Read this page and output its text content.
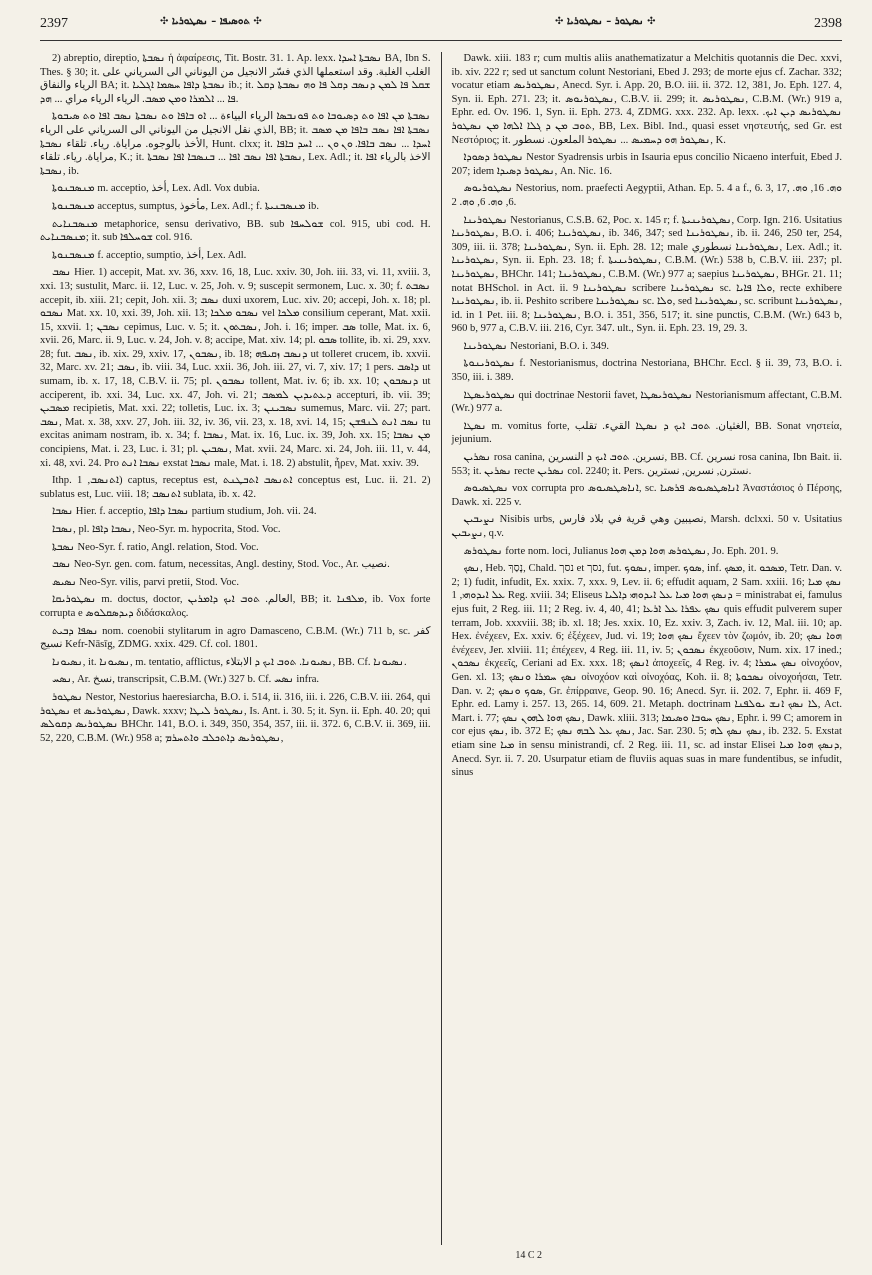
2397	✣ ܬܘܣܝܦܐ – ܢܣܛܘܪܝܐ ✣	✣ ܢܣܛܘܪ – ܢܣܛܘܪܝܐ ✣	2398

2) abreptio, direptio, ܢܣܒܬܐ ἡ ἀφαίρεσις, Tit. Bostr. 31. 1. Ap. lexx. ܢܣܒܬܐ ܐܚܕܐ BA, Ibn S. Thes. § 30; it. الغلب الغلبة. وقد استعملها الذي فسّر الانجيل من اليوناني الى السرياني على الرياء والنفاق BA; it. ܢܣܒܬܐ ܕܐܦܐ ܚܣܡܐ ܐܓܠܝܐ ib.; it. ܫܩܠ ܦܐ ܠܡܢ ܕܢܣܒ ܕܩܠ ܦܐ ܘܗ ܢܣܒܬܐ ܕܩܠ ܦܐ ... ܐܠܡܪܐ ܘܡܢ ܡܣܒ. الرياء الرياء مراي ... ܗܕ.

ܢܣܒܬܐ ܡܢ ܐܦܐ ܘܬ ܕܣܝܘܒܐ ܘܬ ܦܘܢܒܣܐ الرياء البياءة ... ܐܘ ܒܐܦܐ ܘܬ ܢܣܒܬܐ ܢܣܒ ܐܦܐ ܘܬ ܣܝܒܘܬܐ الذي نقل الانجيل من اليوناني الى السرياني على الرياء, BB; it. ܢܣܒܬܐ ܐܦܐ ܢܣܒ ܒܐܦܐ ܡܢ ܡܣܒ الأخذ بالوجوه. مراياة. رياء. تلقاء ܢܣܒܬܐ, Hunt. clxx; it. ܐܚܕܐ ... ܢܣܒ ܒܐܦܐ. ܘܢ ܘܢ ... ܐܚܕ ܒܐܦܐ مراياة. رياء. تلقاء, K.; it. ܢܣܒܬܐ ܐܦܐ ܢܣܒ ܐܦܐ ... ܒܢܣܒܐ ܐܦܐ ܢܣܒܬܐ, Lex. Adl.; it. الاخذ بالرياء ܐܦܐ ܢܣܒܬܐ, ib.

ܡܢܣܒܢܘܬܐ m. acceptio, أخذ, Lex. Adl. Vox dubia.

ܡܢܣܒܢܘܬܐ acceptus, sumptus, مأخوذ, Lex. Adl.; f. ܡܢܣܒܢܝܬܐ ib.

ܡܢܣܒܢܐܝܬ metaphorice, sensu derivativo, BB. sub ܫܘܠܚܦܐ col. 915, ubi cod. H. ܡܢܣܒܢܐܝܬ; it. sub ܫܘܚܠܦܐ col. 916.

ܡܢܣܒܢܘܬܐ f. acceptio, sumptio, أخذ, Lex. Adl.

ܢܣܒ Hier. 1) accepit, Mat. xv. 36, xxv. 16, 18, Luc. xxiv. 30, Joh. iii. 33, vi. 11, xviii. 3, xxi. 13; sustulit, Marc. ii. 12, Luc. v. 25, Joh. v. 9; suscepit sermonem, Luc. x. 30; f. ܢܣܒܬ accepit, ib. xiii. 21; cepit, Joh. xii. 3; ܢܣܒ duxi uxorem, Luc. xiv. 20; accepi, Joh. x. 18; pl. ܢܣܒܘ Mat. xx. 10, xxi. 39, Joh. xii. 13; ܢܣܒܘ ܡܠܟܐ vel ܡܠܟܐ consilium ceperant, Mat. xxii. 15, xxvii. 1; ܢܣܒܢ cepimus, Luc. v. 5; it. ܢܣܒܬܘܢ, Joh. i. 16; imper. ܣܒ tolle, Mat. ix. 6, xvii. 26, Marc. ii. 9, Luc. v. 24, Joh. v. 8; accipe, Mat. xiv. 14; pl. ܣܒܘ tollite, ib. xi. 29, xxv. 28; fut. ܢܣܒ, ib. xix. 29, xxiv. 17, ܢܣܒܘܢ, ib. 18; ܕܢܣܒ ܙܩܝܦܗ ut tolleret crucem, ib. xxvii. 32, Marc. xv. 21; ܢܣܒ, ib. viii. 34, Luc. xxii. 36, Joh. iii. 27, vi. 7, xiv. 17; 1 pers. ܕܐܣܒ ut sumam, ib. x. 17, 18, C.B.V. ii. 75; pl. ܢܣܒܘܢ tollent, Mat. iv. 6; ib. xx. 10; ܕܢܣܒܘܢ ut acciperent, ib. xxi. 34, Luc. xx. 47, Joh. vi. 21; ܕܥܬܝܕܝܢ ܠܡܣܒ accepturi, ib. vii. 39; ܡܣܒܝܢ recipietis, Mat. xxi. 22; tolletis, Luc. ix. 3; ܢܣܒܝܢܢ sumemus, Marc. vii. 27; part. ܢܣܒ, Mat. x. 38, xxv. 27, Joh. iii. 32, iv. 36, vii. 23, x. 18, xvi. 14, 15; ܢܣܒ ܐܢܬ ܠܢܦܫܢ tu excitas animam nostram, ib. x. 34; f. ܢܣܒܐ, Mat. ix. 16, Luc. ix. 39, Joh. xx. 15; ܡܢ ܢܣܒܐ concipiens, Mat. i. 23, Luc. i. 31; pl. ܢܣܒܝܢ, Mat. xvii. 24, Marc. xi. 24, Joh. iii. 11, v. 44, xi. 48, xvi. 24. Pro ܢܣܒܐ ܐܢܬ exstat ܢܣܒܐ male, Mat. i. 18. 2) abstulit, ἦρεν, Mat. xxiv. 39.

Ithp. ܐܬܢܣܒ, 1) captus, receptus est, ܐܬܢܣܒ ܐܬܒܛܢܬ conceptus est, Luc. ii. 21. 2) sublatus est, Luc. viii. 18; ܐܬܢܣܒ sublata, ib. x. 42.

ܢܣܒܐ Hier. f. acceptio, ܢܣܒܐ ܕܐܦܐ partium studium, Joh. vii. 24.

ܢܣܒܐ, pl. ܢܣܒܐ ܕܐܦܐ, Neo-Syr. m. hypocrita, Stod. Voc.

ܢܣܒܬܐ Neo-Syr. f. ratio, Angl. relation, Stod. Voc.

ܢܣܒ Neo-Syr. gen. com. fatum, necessitas, Angl. destiny, Stod. Voc., Ar. نصيب.

ܢܣܝܣ Neo-Syr. vilis, parvi pretii, Stod. Voc.

ܢܣܛܘܪܝܩܐ m. doctus, doctor, العالم. ܬܘܒ ܐܝܟ ܕܐܡܪܝܢ, BB; it. ܡܠܦܢܐ, ib. Vox forte corrupta e ܕܝܕܣܩܠܘܣ διδάσκαλος.

ܢܣܦܐ ܕܒܝܬ nom. coenobii stylitarum in agro Damasceno, C.B.M. (Wr.) 711 b, sc. كفر نسيج Kefr-Nāsīg, ZDMG. xxix. 429. Cf. col. 1801.

ܢܣܝܘܢܐ, it. ܢܣܝܘܢܐ, m. tentatio, afflictus, ܢܣܝܘܢܐ. ܬܘܒ ܐܝܟ ܕ الابتلاء, BB. Cf. ܢܣܝܘܢܐ.

ܢܣܚ, Ar. نسخ, transcripsit, C.B.M. (Wr.) 327 b. Cf. ܢܣܚ infra.

ܢܣܛܘܪ Nestor, Nestorius haeresiarcha, B.O. i. 514, ii. 316, iii. i. 226, C.B.V. iii. 264, qui ܢܣܛܘܪ et ܢܣܛܘܪܝܣ, Dawk. xxxv; ܢܣܛܘܪ ܠܝܛܐ, Is. Ant. i. 30. 5; it. Syn. ii. Eph. 40. 20; qui ܢܣܛܘܪܝܣ ܕܩܘܠܣ BHChr. 141, B.O. i. 349, 350, 354, 357, iii. ii. 372. 6, C.B.V. ii. 369, iii. 52, 220, C.B.M. (Wr.) 958 a; ܢܣܛܘܪܝܣ ܕܐܬܟܠܒ ܘܐܬܚܪܡ,

Dawk. xiii. 183 r; cum multis aliis anathematizatur a Melchitis quotannis die Dec. xxvi, ib. xiv. 222 r; sed ut sanctum colunt Nestoriani, Ebed J. 293; de morte ejus cf. Zachar. 332; vocatur etiam ܢܣܛܘܪܝܣ, Anecd. Syr. i. App. 20, B.O. iii. ii. 372. 12, 381, Jo. Eph. 127. 4, Syn. ii. Eph. 271. 23; it. ܢܣܛܘܪܝܘܣ, C.B.V. ii. 299; it. ܢܣܛܘܪܝܣ, C.B.M. (Wr.) 919 a, Ephr. ed. Ov. 196. 1, Syn. ii. Eph. 273. 4, ZDMG. xxx. 232. Ap. lexx. ܢܣܛܘܪܝܣ ܕܝܢ ܐܝܟ. ܬܘܒ ܡܢ ܕ ܓܠܐ ܐܠܗܐ ܡܢ ܢܣܛܘܪ, BB, Lex. Bibl. Ind., quasi esset νηστευτής, sed Gr. est Νεστόριος; it. ܢܣܛܘܪ ܗܘ ܕܚܡܝܣ ... ܢܣܛܘܪ الملعون. نسطور, K.

ܢܣܛܘܪ ܕܣܘܕܐ Nestor Syadrensis urbis in Isauria epus concilio Nicaeno interfuit, Ebed J. 207; idem ܢܣܛܘܪ ܕܣܝܕܐ, An. Nic. 16.

ܢܣܛܘܪܝܘܣ Nestorius, nom. praefecti Aegyptii, Athan. Ep. 5. 4 a f., 6. 3, 17, ܘܗ. 16, ܘܗ. 6, ܘܗ. 6, ܘܗ. 2.

ܢܣܛܘܪܝܢܐ Nestorianus, C.S.B. 62, Poc. x. 145 r; f. ܢܣܛܘܪܝܢܝܬܐ, Corp. Ign. 216. Usitatius ܢܣܛܘܪܝܢܐ, B.O. i. 406; ܢܣܛܘܪܝܢܐ, ib. 346, 347; sed ܢܣܛܘܪܝܢܐ, ib. ii. 246, 250 ter, 254, 309, iii. ii. 378; ܢܣܛܘܪܝܢܐ, Syn. ii. Eph. 28. 12; male ܢܣܛܘܪܝܢܐ نسطوري, Lex. Adl.; it. ܢܣܛܘܪܝܢܐ, Syn. ii. Eph. 23. 18; f. ܢܣܛܘܪܝܢܝܬܐ, C.B.M. (Wr.) 538 b, C.B.V. iii. 237; pl. ܢܣܛܘܪܝܢܐ, BHChr. 141; ܢܣܛܘܪܝܢܐ, C.B.M. (Wr.) 977 a; saepius ܢܣܛܘܪܝܢܐ, BHGr. 21. 11; notat BHSchol. in Act. ii. 9 ܢܣܛܘܪܝܢܐ scribere ܢܣܛܘܪܝܢܐ sc. ܘܠܐ ܦܐܝܐ, recte exhibere ܢܣܛܘܪܝܢܐ, ib. ii. Peshito scribere ܢܣܛܘܪܝܢܐ sc. ܘܠܐ, sed ܢܣܛܘܪܝܢܐ, sc. scribunt ܢܣܛܘܪܝܢܐ, id. in 1 Pet. iii. 8; ܢܣܛܘܪܝܢܐ, B.O. i. 351, 356, 517; it. sine punctis, C.B.M. (Wr.) 643 b, 960 b, 977 a, C.B.V. iii. 216, Cyr. 347. ult., Syn. ii. Eph. 23. 19, 29. 3.

ܢܣܛܘܪܝܢܐ Nestoriani, B.O. i. 349.

ܢܣܛܘܪܝܢܘܬܐ f. Nestorianismus, doctrina Nestoriana, BHChr. Eccl. § ii. 39, 73, B.O. i. 350, iii. i. 389.

ܢܣܛܘܪܝܣܛܐ qui doctrinae Nestorii favet, ܢܣܛܘܪܝܣܛܐ Nestorianismum affectant, C.B.M. (Wr.) 977 a.

ܢܣܛܐ m. vomitus forte, الغثيان. ܬܘܒ ܐܝܟ ܕ ܢܣܛܐ القيء. تقلب, BB. Sonat νηστεία, jejunium.

ܢܣܪܝܢ rosa canina, نسرين. ܬܘܒ ܐܝܟ ܕ النسرين, BB. Cf. نسرين rosa canina, Ibn Bait. ii. 553; it. ܢܣܪܝܢ recte ܢܣܪܝܢ col. 2240; it. Pers. نسترن, نسرين, نسترين.

ܢܣܛܣܝܘܣ vox corrupta pro ܐܢܐܣܛܣܝܘܣ, sc. ܐܢܐܣܛܣܝܘܣ ܦܪܣܝܐ Ἀναστάσιος ὁ Πέρσης, Dawk. xi. 225 v.

ܢܨܝܒܝܢ Nisibis urbs, نصيبين وهي قرية في بلاد فارس, Marsh. dclxxi. 50 v. Usitatius ܢܨܝܒܝܢ, q.v.

ܢܣܛܘܪܣ forte nom. loci, Julianus ܢܣܛܘܪܣ ܗܘܐ ܕܡܢ ܗܘܐ, Jo. Eph. 201. 9.

ܢܣܟ, Heb. נָסַךְ, Chald. נסך et נסך, fut. ܢܣܘܟ, imper. ܣܘܟ, inf. ܡܣܟ, it. ܡܣܟܘ, Tetr. Dan. v. 2; 1) fudit, infudit, Ex. xxix. 7, xxx. 9, Lev. ii. 6; effudit aquam, 2 Sam. xxiii. 16; ܢܣܟ ܡܝܐ ܥܠ ܐܝܕܘܗܝ, 1 Reg. xviii. 34; Eliseus ܕܢܣܟ ܗܘܐ ܡܝܐ ܥܠ ܐܝܕܘܗܝ ܕܐܠܝܐ = ministrabat ei, famulus ejus fuit, 2 Reg. iii. 11; 2 Reg. iv. 4, 40, 41; ܢܣܟ ܥܦܪܐ ܥܠ ܐܪܥܐ quis effudit pulverem super terram, Job. xxxviii. 38; ib. xl. 18; Jes. xxix. 10, Ez. xxiv. 3, Zach. iv. 12, Mal. iii. 10; ap. Hex. ἐνέχεεν, Ex. xxiv. 6; ἐξέχεεν, Jud. vi. 19; ܢܣܟ ܗܘܐ ἔχεεν τὸν ζωμόν, ib. 20; ܗܘܐ ܢܣܟ ἐνέχεεν, Jer. xlviii. 11; ἐπέχεεν, 4 Reg. iii. 11, iv. 5; ܢܣܟܘܢ ἐκχεοῦσιν, Num. xix. 17 ined.; ܢܣܟܘܢ ἐκχεεῖς, Ceriani ad Ex. xxx. 18; ܐܢܣܟ ἀποχεεῖς, 4 Reg. iv. 4; ܢܣܟ ܚܡܪܐ οἰνοχόον, Gen. xl. 13; ܢܣܟ ܚܡܪܐ ܘܢܣܟ οἰνοχόον καὶ οἰνοχόας, Koh. ii. 8; ܢܣܟܘܬܐ οἰνοχοήσαι, Tetr. Dan. v. 2; ܣܘܟ ܘܢܣܟ, Gr. ἐπίρραινε, Geop. 90. 16; Anecd. Syr. ii. 202. 7, Ephr. ii. 469 F, Ephr. ed. Lamy i. 257. 13, 265. 14, 609. 21. Metaph. doctrinam ܠܐ ܢܣܟ ܐܢܫ ܝܘܠܦܢܐ, Act. Mart. i. 77; ܢܣܟ ܗܘܐ ܠܗܘܢ ܢܣܟ, Dawk. xliii. 313; ܢܣܟ ܚܘܒܐ ܘܣܝܡܐ, Ephr. i. 99 C; amorem in cor ejus ܢܣܟ, ib. 372 E; ܢܣܟ ܥܠ ܠܒܗ ܢܣܟ, Jac. Sar. 230. 5; ܢܣܟ ܢܣܟ ܠܗ, ib. 232. 5. Exstat etiam sine ܡܝܐ in sensu ministrandi, cf. 2 Reg. iii. 11, sc. ad instar Eliseі ܕܢܣܟ ܗܘܐ ܡܝܐ, Anecd. Syr. ii. 7. 20. Usurpatur etiam de fluviis aquas suas in mare fundentibus, se infudit, sinus

14 C 2
